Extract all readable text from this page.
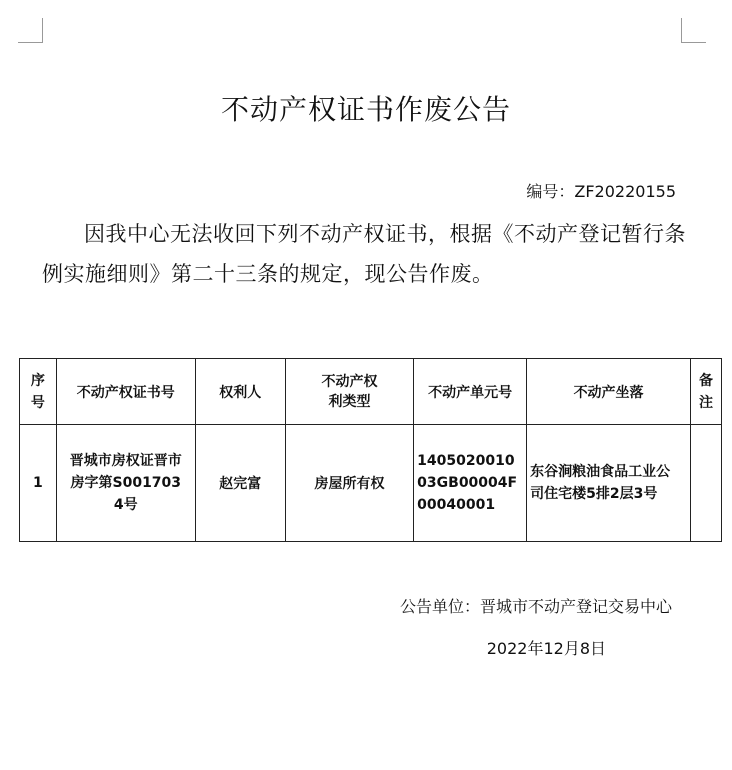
不动产权证书作废公告
编号：ZF20220155
因我中心无法收回下列不动产权证书，根据《不动产登记暂行条例实施细则》第二十三条的规定，现公告作废。
序号	不动产权证书号	权利人	不动产权利类型	不动产单元号	不动产坐落	备注
1	晋城市房权证晋市房字第S0017034号	赵完富	房屋所有权	140502001003GB00004F00040001	东谷涧粮油食品工业公司住宅楼5排2层3号	
公告单位：晋城市不动产登记交易中心
2022年12月8日
